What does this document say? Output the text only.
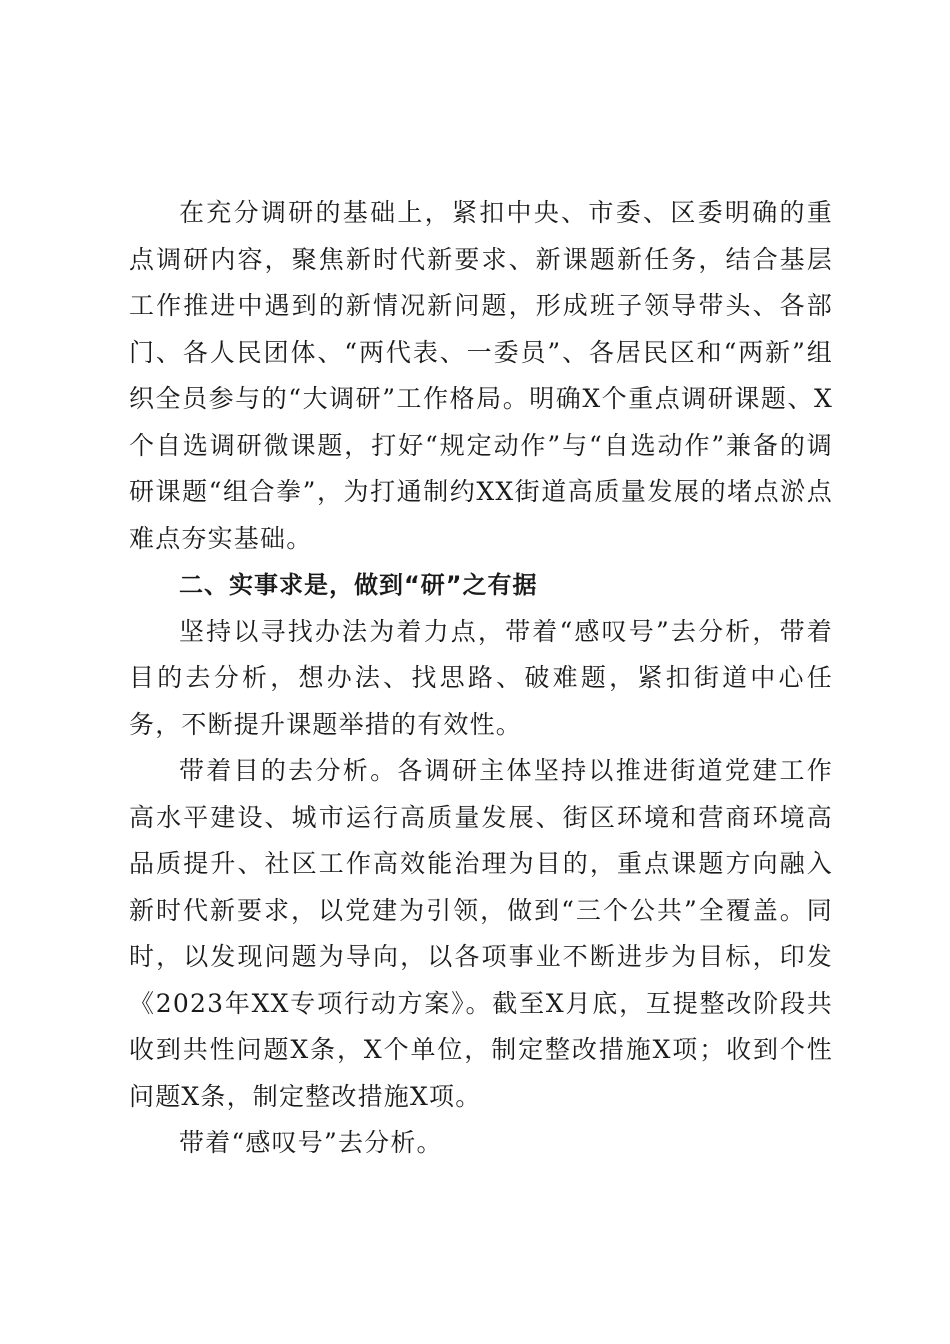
在充分调研的基础上，紧扣中央、市委、区委明确的重点调研内容，聚焦新时代新要求、新课题新任务，结合基层工作推进中遇到的新情况新问题，形成班子领导带头、各部门、各人民团体、“两代表、一委员”、各居民区和“两新”组织全员参与的“大调研”工作格局。明确X个重点调研课题、X个自选调研微课题，打好“规定动作”与“自选动作”兼备的调研课题“组合拳”，为打通制约XX街道高质量发展的堵点淤点难点夯实基础。

二、实事求是，做到“研”之有据

坚持以寻找办法为着力点，带着“感叹号”去分析，带着目的去分析，想办法、找思路、破难题，紧扣街道中心任务，不断提升课题举措的有效性。

带着目的去分析。各调研主体坚持以推进街道党建工作高水平建设、城市运行高质量发展、街区环境和营商环境高品质提升、社区工作高效能治理为目的，重点课题方向融入新时代新要求，以党建为引领，做到“三个公共”全覆盖。同时，以发现问题为导向，以各项事业不断进步为目标，印发《2023年XX专项行动方案》。截至X月底，互提整改阶段共收到共性问题X条，X个单位，制定整改措施X项；收到个性问题X条，制定整改措施X项。

带着“感叹号”去分析。
